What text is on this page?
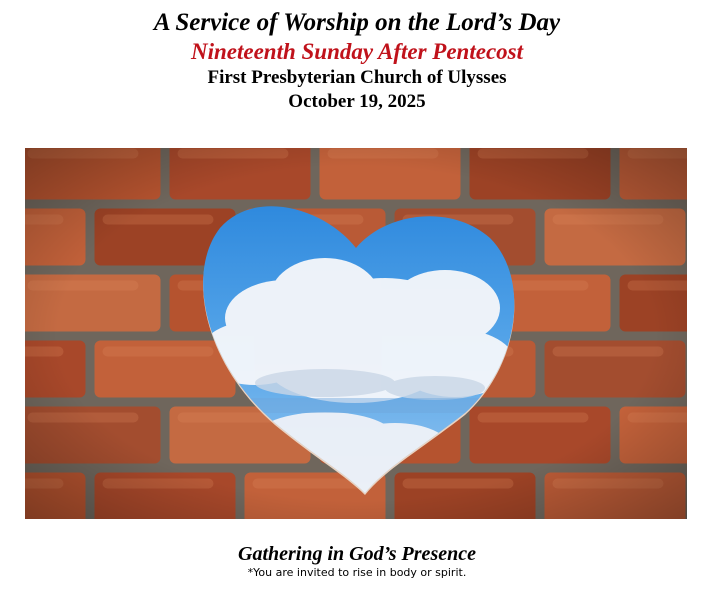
A Service of Worship on the Lord’s Day

Nineteenth Sunday After Pentecost

First Presbyterian Church of Ulysses

October 19, 2025

Gathering in God’s Presence

*You are invited to rise in body or spirit.
